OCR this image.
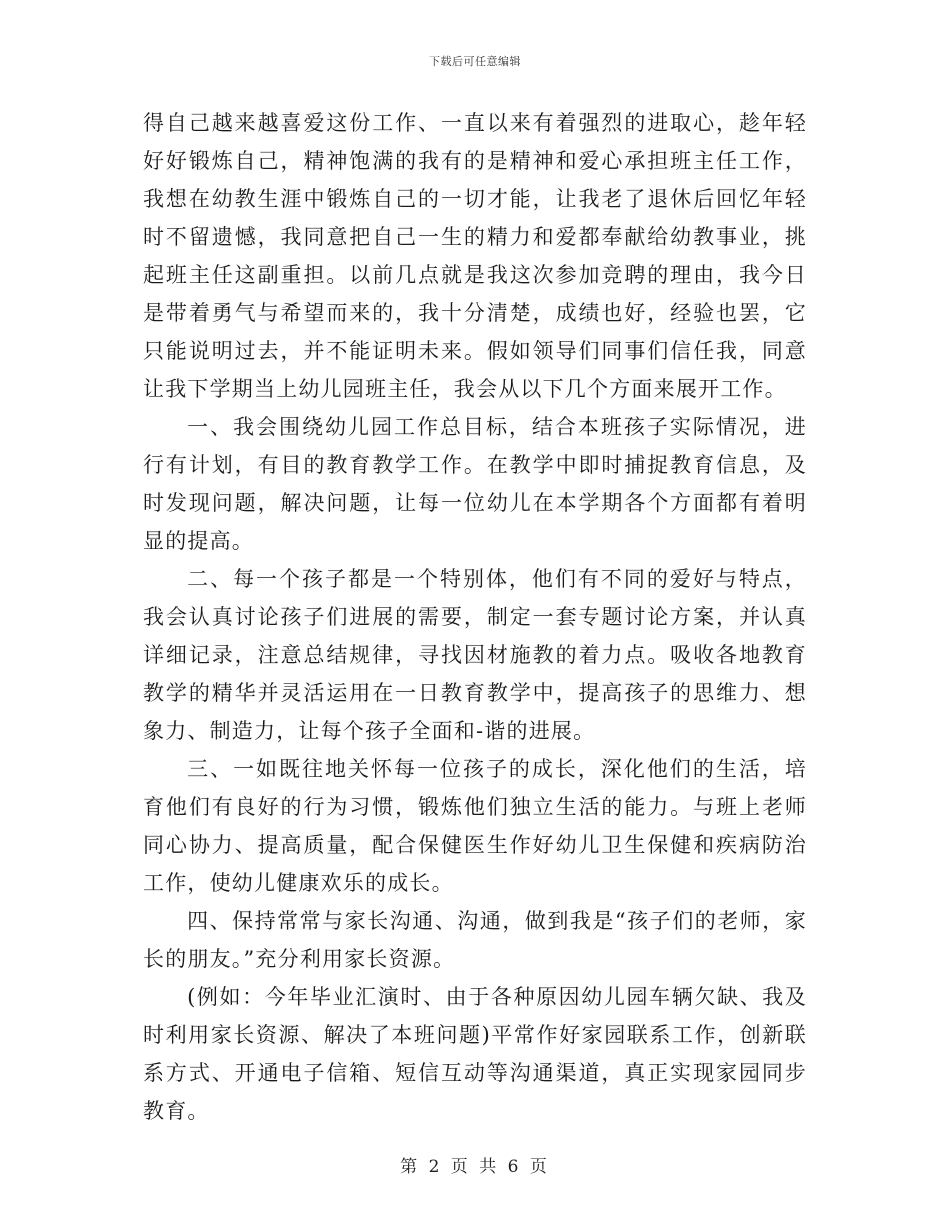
下载后可任意编辑

得自己越来越喜爱这份工作、一直以来有着强烈的进取心，趁年轻好好锻炼自己，精神饱满的我有的是精神和爱心承担班主任工作，我想在幼教生涯中锻炼自己的一切才能，让我老了退休后回忆年轻时不留遗憾，我同意把自己一生的精力和爱都奉献给幼教事业，挑起班主任这副重担。以前几点就是我这次参加竞聘的理由，我今日是带着勇气与希望而来的，我十分清楚，成绩也好，经验也罢，它只能说明过去，并不能证明未来。假如领导们同事们信任我，同意让我下学期当上幼儿园班主任，我会从以下几个方面来展开工作。

一、我会围绕幼儿园工作总目标，结合本班孩子实际情况，进行有计划，有目的教育教学工作。在教学中即时捕捉教育信息，及时发现问题，解决问题，让每一位幼儿在本学期各个方面都有着明显的提高。

二、每一个孩子都是一个特别体，他们有不同的爱好与特点，我会认真讨论孩子们进展的需要，制定一套专题讨论方案，并认真详细记录，注意总结规律，寻找因材施教的着力点。吸收各地教育教学的精华并灵活运用在一日教育教学中，提高孩子的思维力、想象力、制造力，让每个孩子全面和-谐的进展。

三、一如既往地关怀每一位孩子的成长，深化他们的生活，培育他们有良好的行为习惯，锻炼他们独立生活的能力。与班上老师同心协力、提高质量，配合保健医生作好幼儿卫生保健和疾病防治工作，使幼儿健康欢乐的成长。

四、保持常常与家长沟通、沟通，做到我是“孩子们的老师，家长的朋友。”充分利用家长资源。

(例如：今年毕业汇演时、由于各种原因幼儿园车辆欠缺、我及时利用家长资源、解决了本班问题)平常作好家园联系工作，创新联系方式、开通电子信箱、短信互动等沟通渠道，真正实现家园同步教育。

第 2 页 共 6 页
